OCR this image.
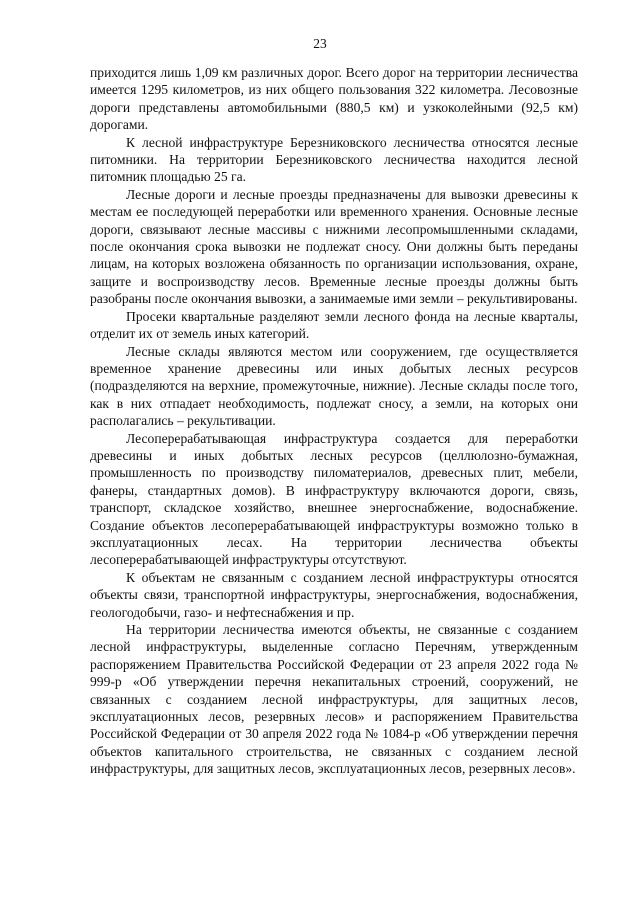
23

приходится лишь 1,09 км различных дорог. Всего дорог на территории лесничества имеется 1295 километров, из них общего пользования 322 километра. Лесовозные дороги представлены автомобильными (880,5 км) и узкоколейными (92,5 км) дорогами.

К лесной инфраструктуре Березниковского лесничества относятся лесные питомники. На территории Березниковского лесничества находится лесной питомник площадью 25 га.

Лесные дороги и лесные проезды предназначены для вывозки древесины к местам ее последующей переработки или временного хранения. Основные лесные дороги, связывают лесные массивы с нижними лесопромышленными складами, после окончания срока вывозки не подлежат сносу. Они должны быть переданы лицам, на которых возложена обязанность по организации использования, охране, защите и воспроизводству лесов. Временные лесные проезды должны быть разобраны после окончания вывозки, а занимаемые ими земли – рекультивированы.

Просеки квартальные разделяют земли лесного фонда на лесные кварталы, отделит их от земель иных категорий.

Лесные склады являются местом или сооружением, где осуществляется временное хранение древесины или иных добытых лесных ресурсов (подразделяются на верхние, промежуточные, нижние). Лесные склады после того, как в них отпадает необходимость, подлежат сносу, а земли, на которых они располагались – рекультивации.

Лесоперерабатывающая инфраструктура создается для переработки древесины и иных добытых лесных ресурсов (целлюлозно-бумажная, промышленность по производству пиломатериалов, древесных плит, мебели, фанеры, стандартных домов). В инфраструктуру включаются дороги, связь, транспорт, складское хозяйство, внешнее энергоснабжение, водоснабжение. Создание объектов лесоперерабатывающей инфраструктуры возможно только в эксплуатационных лесах. На территории лесничества объекты лесоперерабатывающей инфраструктуры отсутствуют.

К объектам не связанным с созданием лесной инфраструктуры относятся объекты связи, транспортной инфраструктуры, энергоснабжения, водоснабжения, геологодобычи, газо- и нефтеснабжения и пр.

На территории лесничества имеются объекты, не связанные с созданием лесной инфраструктуры, выделенные согласно Перечням, утвержденным распоряжением Правительства Российской Федерации от 23 апреля 2022 года № 999-р «Об утверждении перечня некапитальных строений, сооружений, не связанных с созданием лесной инфраструктуры, для защитных лесов, эксплуатационных лесов, резервных лесов» и распоряжением Правительства Российской Федерации от 30 апреля 2022 года № 1084-р «Об утверждении перечня объектов капитального строительства, не связанных с созданием лесной инфраструктуры, для защитных лесов, эксплуатационных лесов, резервных лесов».
